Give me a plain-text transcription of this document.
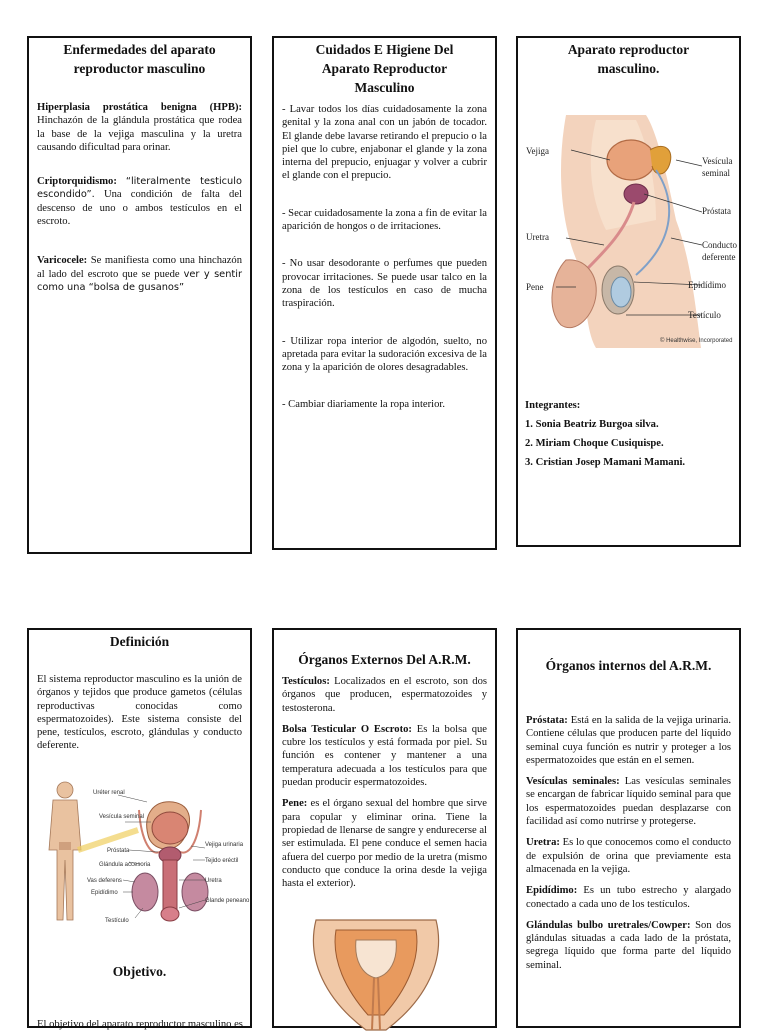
Enfermedades del aparato reproductor masculino

Hiperplasia prostática benigna (HPB): Hinchazón de la glándula prostática que rodea la base de la vejiga masculina y la uretra causando dificultad para orinar.

Criptorquidismo: “literalmente testiculo escondido”. Una condición de falta del descenso de uno o ambos testículos en el escroto.

Varicocele: Se manifiesta como una hinchazón al lado del escroto que se puede ver y sentir como una “bolsa de gusanos”

Cuidados E Higiene Del Aparato Reproductor Masculino

- Lavar todos los días cuidadosamente la zona genital y la zona anal con un jabón de tocador. El glande debe lavarse retirando el prepucio o la piel que lo cubre, enjabonar el glande y la zona interna del prepucio, enjuagar y volver a cubrir el glande con el prepucio.

- Secar cuidadosamente la zona a fin de evitar la aparición de hongos o de irritaciones.

- No usar desodorante o perfumes que pueden provocar irritaciones. Se puede usar talco en la zona de los testículos en caso de mucha traspiración.

- Utilizar ropa interior de algodón, suelto, no apretada para evitar la sudoración excesiva de la zona y la aparición de olores desagradables.

- Cambiar diariamente la ropa interior.

Aparato reproductor masculino.
Vejiga
Vesícula
seminal
Próstata
Uretra
Conducto
deferente
Pene	Epidídimo
Testículo
© Healthwise, Incorporated
Integrantes:
1. Sonia Beatriz Burgoa silva.
2. Miriam Choque Cusiquispe.
3. Cristian Josep Mamani Mamani.
Definición

El sistema reproductor masculino es la unión de órganos y tejidos que produce gametos (células reproductivas conocidas como espermatozoides). Este sistema consiste del pene, testículos, escroto, glándulas y conducto deferente.

Uréter renal
Vesícula seminal
Próstata
Glándula accesoria
Vas deferens
Epidídimo
Testículo
Vejiga urinaria
Tejido eréctil
Uretra
Glande peneano
Objetivo.

El objetivo del aparato reproductor masculino es

Órganos Externos Del A.R.M.

Testículos: Localizados en el escroto, son dos órganos que producen, espermatozoides y testosterona.

Bolsa Testicular O Escroto: Es la bolsa que cubre los testículos y está formada por piel. Su función es contener y mantener a una temperatura adecuada a los testículos para que puedan producir espermatozoides.

Pene: es el órgano sexual del hombre que sirve para copular y eliminar orina. Tiene la propiedad de llenarse de sangre y endurecerse al ser estimulada. El pene conduce el semen hacia afuera del cuerpo por medio de la uretra (mismo conducto que conduce la orina desde la vejiga hasta el exterior).

Órganos internos del A.R.M.

Próstata: Está en la salida de la vejiga urinaria. Contiene células que producen parte del líquido seminal cuya función es nutrir y proteger a los espermatozoides que están en el semen.

Vesículas seminales: Las vesículas seminales se encargan de fabricar líquido seminal para que los espermatozoides puedan desplazarse con facilidad así como nutrirse y protegerse.

Uretra: Es lo que conocemos como el conducto de expulsión de orina que previamente esta almacenada en la vejiga.

Epidídimo: Es un tubo estrecho y alargado conectado a cada uno de los testículos.

Glándulas bulbo uretrales/Cowper: Son dos glándulas situadas a cada lado de la próstata, segrega líquido que forma parte del líquido seminal.
